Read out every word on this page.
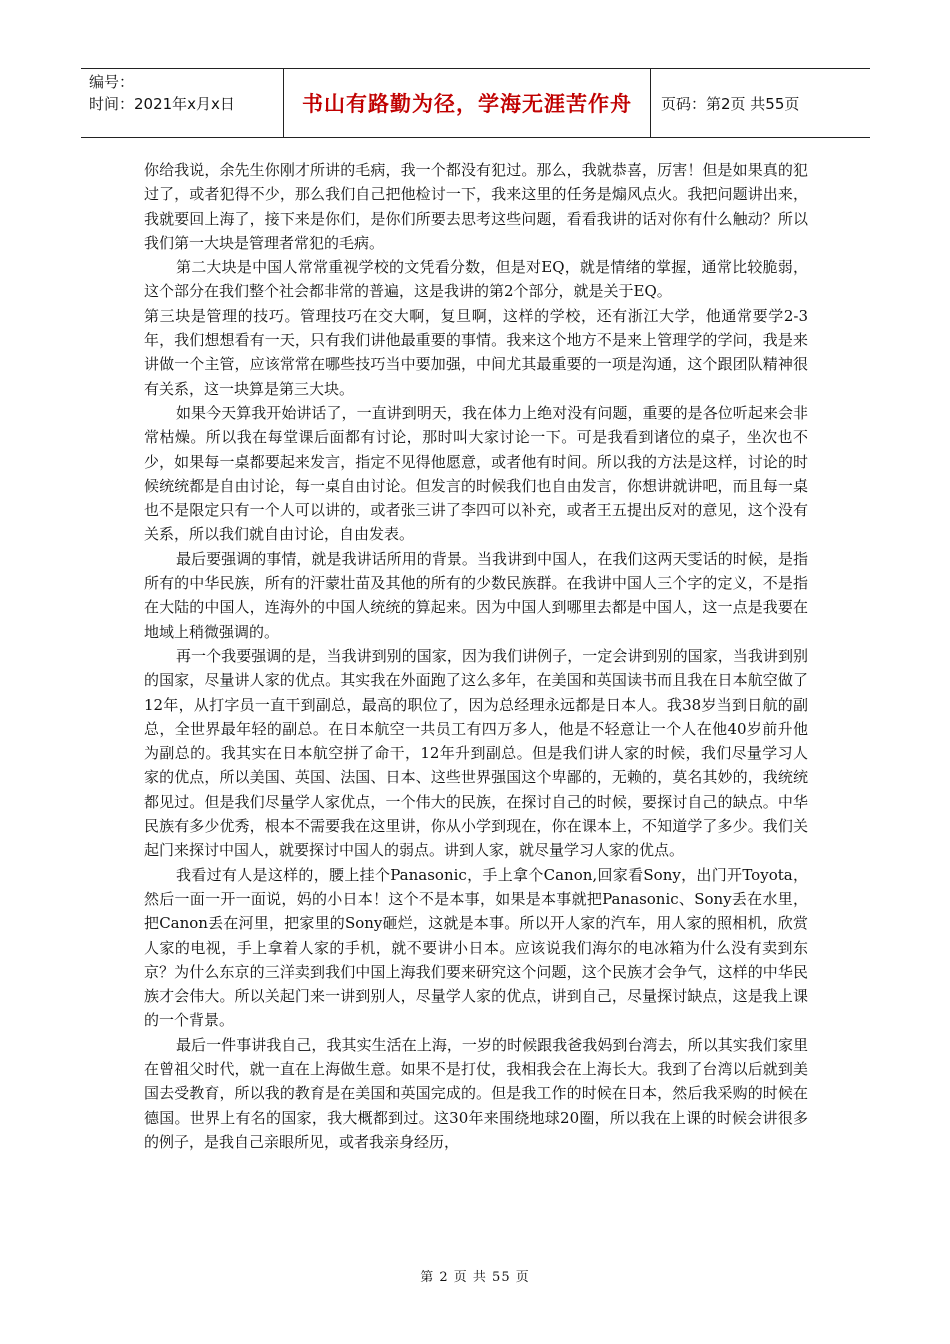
编号：
时间：2021年x月x日	书山有路勤为径，学海无涯苦作舟	页码：第2页 共55页

你给我说，余先生你刚才所讲的毛病，我一个都没有犯过。那么，我就恭喜，厉害！但是如果真的犯过了，或者犯得不少，那么我们自己把他检讨一下，我来这里的任务是煽风点火。我把问题讲出来，我就要回上海了，接下来是你们，是你们所要去思考这些问题，看看我讲的话对你有什么触动？所以我们第一大块是管理者常犯的毛病。

第二大块是中国人常常重视学校的文凭看分数，但是对EQ，就是情绪的掌握，通常比较脆弱，这个部分在我们整个社会都非常的普遍，这是我讲的第2个部分，就是关于EQ。

第三块是管理的技巧。管理技巧在交大啊，复旦啊，这样的学校，还有浙江大学，他通常要学2-3年，我们想想看有一天，只有我们讲他最重要的事情。我来这个地方不是来上管理学的学问，我是来讲做一个主管，应该常常在哪些技巧当中要加强，中间尤其最重要的一项是沟通，这个跟团队精神很有关系，这一块算是第三大块。

如果今天算我开始讲话了，一直讲到明天，我在体力上绝对没有问题，重要的是各位听起来会非常枯燥。所以我在每堂课后面都有讨论，那时叫大家讨论一下。可是我看到诸位的桌子，坐次也不少，如果每一桌都要起来发言，指定不见得他愿意，或者他有时间。所以我的方法是这样，讨论的时候统统都是自由讨论，每一桌自由讨论。但发言的时候我们也自由发言，你想讲就讲吧，而且每一桌也不是限定只有一个人可以讲的，或者张三讲了李四可以补充，或者王五提出反对的意见，这个没有关系，所以我们就自由讨论，自由发表。

最后要强调的事情，就是我讲话所用的背景。当我讲到中国人，在我们这两天雯话的时候，是指所有的中华民族，所有的汗蒙壮苗及其他的所有的少数民族群。在我讲中国人三个字的定义，不是指在大陆的中国人，连海外的中国人统统的算起来。因为中国人到哪里去都是中国人，这一点是我要在地域上稍微强调的。

再一个我要强调的是，当我讲到别的国家，因为我们讲例子，一定会讲到别的国家，当我讲到别的国家，尽量讲人家的优点。其实我在外面跑了这么多年，在美国和英国读书而且我在日本航空做了12年，从打字员一直干到副总，最高的职位了，因为总经理永远都是日本人。我38岁当到日航的副总，全世界最年轻的副总。在日本航空一共员工有四万多人，他是不轻意让一个人在他40岁前升他为副总的。我其实在日本航空拼了命干，12年升到副总。但是我们讲人家的时候，我们尽量学习人家的优点，所以美国、英国、法国、日本、这些世界强国这个卑鄙的，无赖的，莫名其妙的，我统统都见过。但是我们尽量学人家优点，一个伟大的民族，在探讨自己的时候，要探讨自己的缺点。中华民族有多少优秀，根本不需要我在这里讲，你从小学到现在，你在课本上，不知道学了多少。我们关起门来探讨中国人，就要探讨中国人的弱点。讲到人家，就尽量学习人家的优点。

我看过有人是这样的，腰上挂个Panasonic，手上拿个Canon,回家看Sony，出门开Toyota，然后一面一开一面说，妈的小日本！这个不是本事，如果是本事就把Panasonic、Sony丢在水里，把Canon丢在河里，把家里的Sony砸烂，这就是本事。所以开人家的汽车，用人家的照相机，欣赏人家的电视，手上拿着人家的手机，就不要讲小日本。应该说我们海尔的电冰箱为什么没有卖到东京？为什么东京的三洋卖到我们中国上海我们要来研究这个问题，这个民族才会争气，这样的中华民族才会伟大。所以关起门来一讲到别人，尽量学人家的优点，讲到自己，尽量探讨缺点，这是我上课的一个背景。

最后一件事讲我自己，我其实生活在上海，一岁的时候跟我爸我妈到台湾去，所以其实我们家里在曾祖父时代，就一直在上海做生意。如果不是打仗，我相我会在上海长大。我到了台湾以后就到美国去受教育，所以我的教育是在美国和英国完成的。但是我工作的时候在日本，然后我采购的时候在德国。世界上有名的国家，我大概都到过。这30年来围绕地球20圈，所以我在上课的时候会讲很多的例子，是我自己亲眼所见，或者我亲身经历，

第 2 页 共 55 页
